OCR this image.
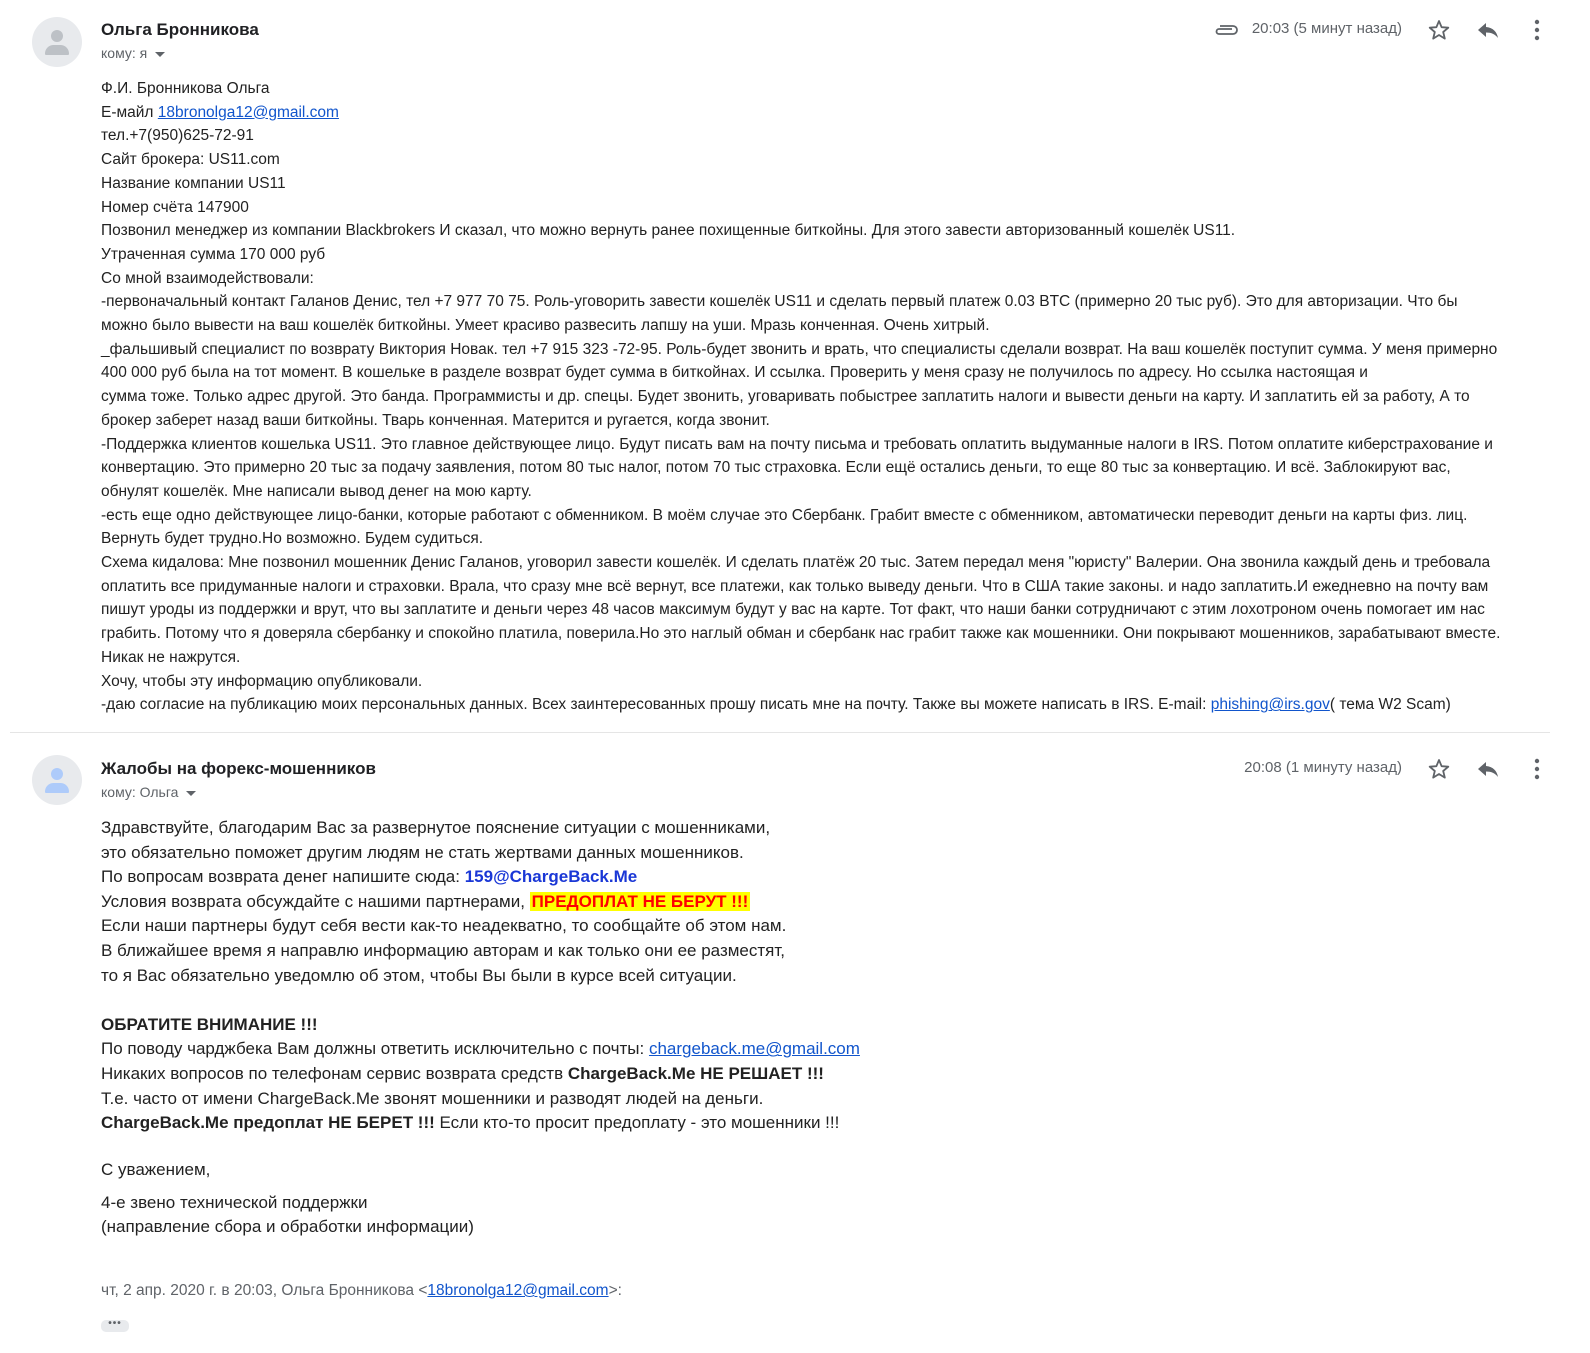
Ольга Бронникова
кому: я
20:03 (5 минут назад)
Ф.И. Бронникова Ольга
Е-майл 18bronolga12@gmail.com
тел.+7(950)625-72-91
Сайт брокера: US11.com
Название компании US11
Номер счёта 147900
Позвонил менеджер из компании Blackbrokers И сказал, что можно вернуть ранее похищенные биткойны. Для этого завести авторизованный кошелёк US11.
Утраченная сумма 170 000 руб
Со мной взаимодействовали:
-первоначальный контакт Галанов Денис, тел +7 977 70 75. Роль-уговорить завести кошелёк US11 и сделать первый платеж 0.03 BTC (примерно 20 тыс руб). Это для авторизации. Что бы
можно было вывести на ваш кошелёк биткойны. Умеет красиво развесить лапшу на уши. Мразь конченная. Очень хитрый.
_фальшивый специалист по возврату Виктория Новак. тел +7 915 323 -72-95. Роль-будет звонить и врать, что специалисты сделали возврат. На ваш кошелёк поступит сумма. У меня примерно
400 000 руб была на тот момент. В кошельке в разделе возврат будет сумма в биткойнах. И ссылка. Проверить у меня сразу не получилось по адресу. Но ссылка настоящая и
сумма тоже. Только адрес другой. Это банда. Программисты и др. спецы. Будет звонить, уговаривать побыстрее заплатить налоги и вывести деньги на карту. И заплатить ей за работу, А то
брокер заберет назад ваши биткойны. Тварь конченная. Матерится и ругается, когда звонит.
-Поддержка клиентов кошелька US11. Это главное действующее лицо. Будут писать вам на почту письма и требовать оплатить выдуманные налоги в IRS. Потом оплатите киберстрахование и
конвертацию. Это примерно 20 тыс за подачу заявления, потом 80 тыс налог, потом 70 тыс страховка. Если ещё остались деньги, то еще 80 тыс за конвертацию. И всё. Заблокируют вас,
обнулят кошелёк. Мне написали вывод денег на мою карту.
-есть еще одно действующее лицо-банки, которые работают с обменником. В моём случае это Сбербанк. Грабит вместе с обменником, автоматически переводит деньги на карты физ. лиц.
Вернуть будет трудно.Но возможно. Будем судиться.
Схема кидалова: Мне позвонил мошенник Денис Галанов, уговорил завести кошелёк. И сделать платёж 20 тыс. Затем передал меня "юристу" Валерии. Она звонила каждый день и требовала
оплатить все придуманные налоги и страховки. Врала, что сразу мне всё вернут, все платежи, как только выведу деньги. Что в США такие законы. и надо заплатить.И ежедневно на почту вам
пишут уроды из поддержки и врут, что вы заплатите и деньги через 48 часов максимум будут у вас на карте. Тот факт, что наши банки сотрудничают с этим лохотроном очень помогает им нас
грабить. Потому что я доверяла сбербанку и спокойно платила, поверила.Но это наглый обман и сбербанк нас грабит также как мошенники. Они покрывают мошенников, зарабатывают вместе.
Никак не нажрутся.
Хочу, чтобы эту информацию опубликовали.
-даю согласие на публикацию моих персональных данных. Всех заинтересованных прошу писать мне на почту. Также вы можете написать в IRS. E-mail: phishing@irs.gov( тема W2 Scam)
Жалобы на форекс-мошенников
кому: Ольга
20:08 (1 минуту назад)
Здравствуйте, благодарим Вас за развернутое пояснение ситуации с мошенниками,
это обязательно поможет другим людям не стать жертвами данных мошенников.
По вопросам возврата денег напишите сюда: 159@ChargeBack.Me
Условия возврата обсуждайте с нашими партнерами, ПРЕДОПЛАТ НЕ БЕРУТ !!!
Если наши партнеры будут себя вести как-то неадекватно, то сообщайте об этом нам.
В ближайшее время я направлю информацию авторам и как только они ее разместят,
то я Вас обязательно уведомлю об этом, чтобы Вы были в курсе всей ситуации.

ОБРАТИТЕ ВНИМАНИЕ !!!
По поводу чарджбека Вам должны ответить исключительно с почты: chargeback.me@gmail.com
Никаких вопросов по телефонам сервис возврата средств ChargeBack.Me НЕ РЕШАЕТ !!!
Т.е. часто от имени ChargeBack.Me звонят мошенники и разводят людей на деньги.
ChargeBack.Me предоплат НЕ БЕРЕТ !!! Если кто-то просит предоплату - это мошенники !!!
С уважением,
4-е звено технической поддержки
(направление сбора и обработки информации)
чт, 2 апр. 2020 г. в 20:03, Ольга Бронникова <18bronolga12@gmail.com>:
•••
